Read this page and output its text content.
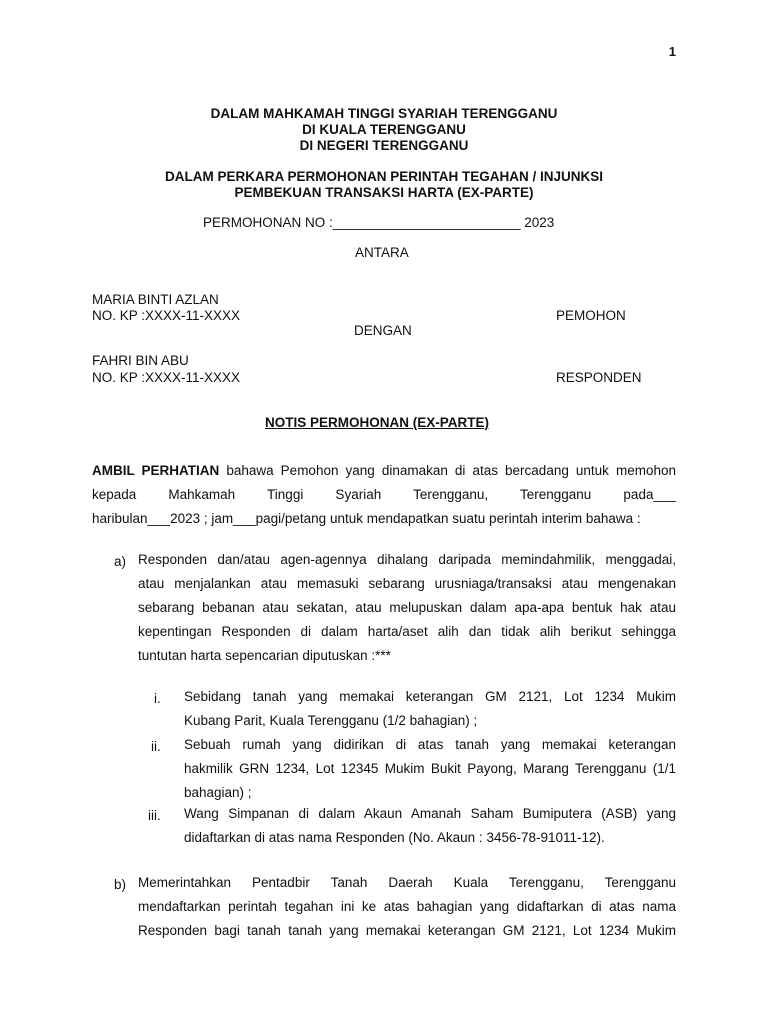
1
DALAM MAHKAMAH TINGGI SYARIAH TERENGGANU
DI KUALA TERENGGANU
DI NEGERI TERENGGANU
DALAM PERKARA PERMOHONAN PERINTAH TEGAHAN / INJUNKSI
PEMBEKUAN TRANSAKSI HARTA (EX-PARTE)
PERMOHONAN NO :_________________________ 2023
ANTARA
MARIA BINTI AZLAN
NO. KP :XXXX-11-XXXX	PEMOHON
DENGAN
FAHRI BIN ABU
NO. KP :XXXX-11-XXXX	RESPONDEN
NOTIS PERMOHONAN (EX-PARTE)
AMBIL PERHATIAN bahawa Pemohon yang dinamakan di atas bercadang untuk memohon
kepada Mahkamah Tinggi Syariah Terengganu, Terengganu pada___
haribulan___2023 ; jam___pagi/petang untuk mendapatkan suatu perintah interim bahawa :
a) Responden dan/atau agen-agennya dihalang daripada memindahmilik, menggadai,
atau menjalankan atau memasuki sebarang urusniaga/transaksi atau mengenakan
sebarang bebanan atau sekatan, atau melupuskan dalam apa-apa bentuk hak atau
kepentingan Responden di dalam harta/aset alih dan tidak alih berikut sehingga
tuntutan harta sepencarian diputuskan :***
i. Sebidang tanah yang memakai keterangan GM 2121, Lot 1234 Mukim
Kubang Parit, Kuala Terengganu (1/2 bahagian) ;
ii. Sebuah rumah yang didirikan di atas tanah yang memakai keterangan
hakmilik GRN 1234, Lot 12345 Mukim Bukit Payong, Marang Terengganu (1/1
bahagian) ;
iii. Wang Simpanan di dalam Akaun Amanah Saham Bumiputera (ASB) yang
didaftarkan di atas nama Responden (No. Akaun : 3456-78-91011-12).
b) Memerintahkan Pentadbir Tanah Daerah Kuala Terengganu, Terengganu
mendaftarkan perintah tegahan ini ke atas bahagian yang didaftarkan di atas nama
Responden bagi tanah tanah yang memakai keterangan GM 2121, Lot 1234 Mukim
